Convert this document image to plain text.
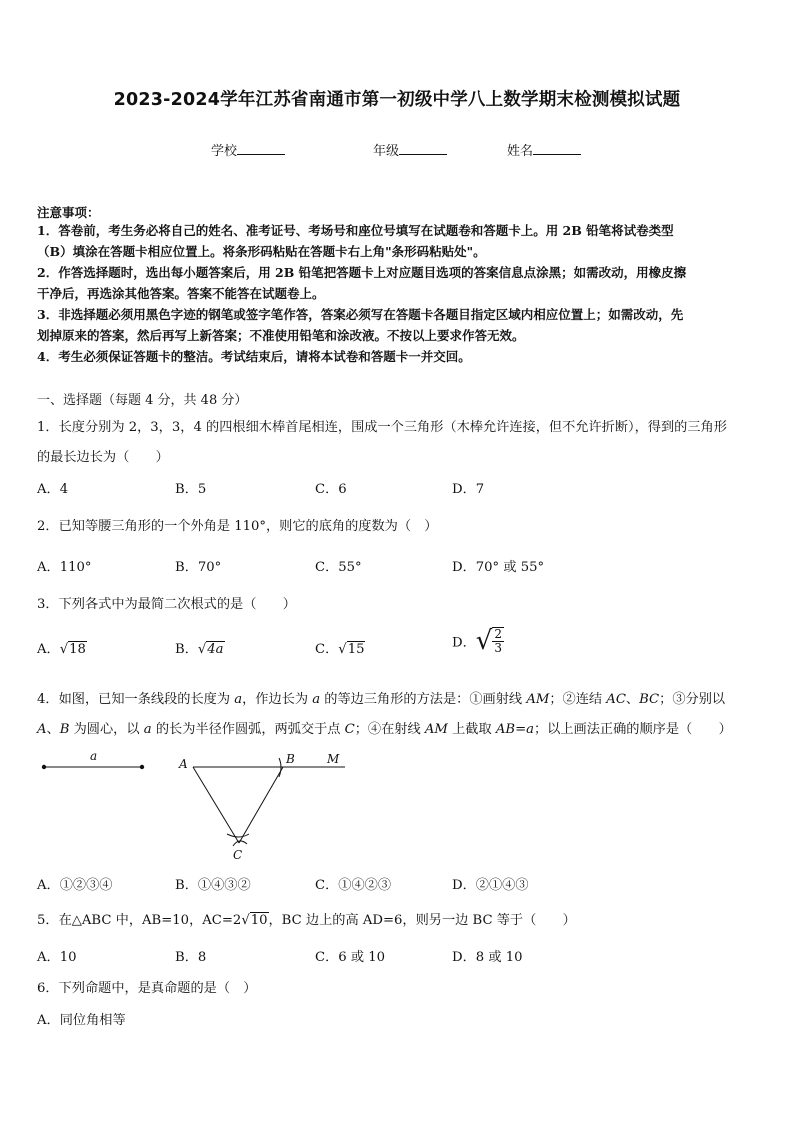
2023-2024学年江苏省南通市第一初级中学八上数学期末检测模拟试题
学校	年级	姓名
注意事项：
1．答卷前，考生务必将自己的姓名、准考证号、考场号和座位号填写在试题卷和答题卡上。用 2B 铅笔将试卷类型
（B）填涂在答题卡相应位置上。将条形码粘贴在答题卡右上角"条形码粘贴处"。
2．作答选择题时，选出每小题答案后，用 2B 铅笔把答题卡上对应题目选项的答案信息点涂黑；如需改动，用橡皮擦
干净后，再选涂其他答案。答案不能答在试题卷上。
3．非选择题必须用黑色字迹的钢笔或签字笔作答，答案必须写在答题卡各题目指定区域内相应位置上；如需改动，先
划掉原来的答案，然后再写上新答案；不准使用铅笔和涂改液。不按以上要求作答无效。
4．考生必须保证答题卡的整洁。考试结束后，请将本试卷和答题卡一并交回。
一、选择题（每题 4 分，共 48 分）
1．长度分别为 2，3，3，4 的四根细木棒首尾相连，围成一个三角形（木棒允许连接，但不允许折断），得到的三角形
的最长边长为（　　）
A．4	B．5	C．6	D．7
2．已知等腰三角形的一个外角是 110°，则它的底角的度数为（　）
A．110°	B．70°	C．55°	D．70° 或 55°
3．下列各式中为最简二次根式的是（　　）
A． √ 18	B． √ 4a	C． √ 15	D．√ $\frac{2}{3}$
4．如图，已知一条线段的长度为 a，作边长为 a 的等边三角形的方法是：①画射线 AM；②连结 AC、BC；③分别以
A、B 为圆心，以 a 的长为半径作圆弧，两弧交于点 C；④在射线 AM 上截取 AB=a；以上画法正确的顺序是（　　）
a
A	B	M
C
A．①②③④	B．①④③②	C．①④②③	D．②①④③
5．在△ABC 中，AB=10，AC=2 √ 10 ，BC 边上的高 AD=6，则另一边 BC 等于（　　）
A．10	B．8	C．6 或 10	D．8 或 10
6．下列命题中，是真命题的是（　）
A．同位角相等
